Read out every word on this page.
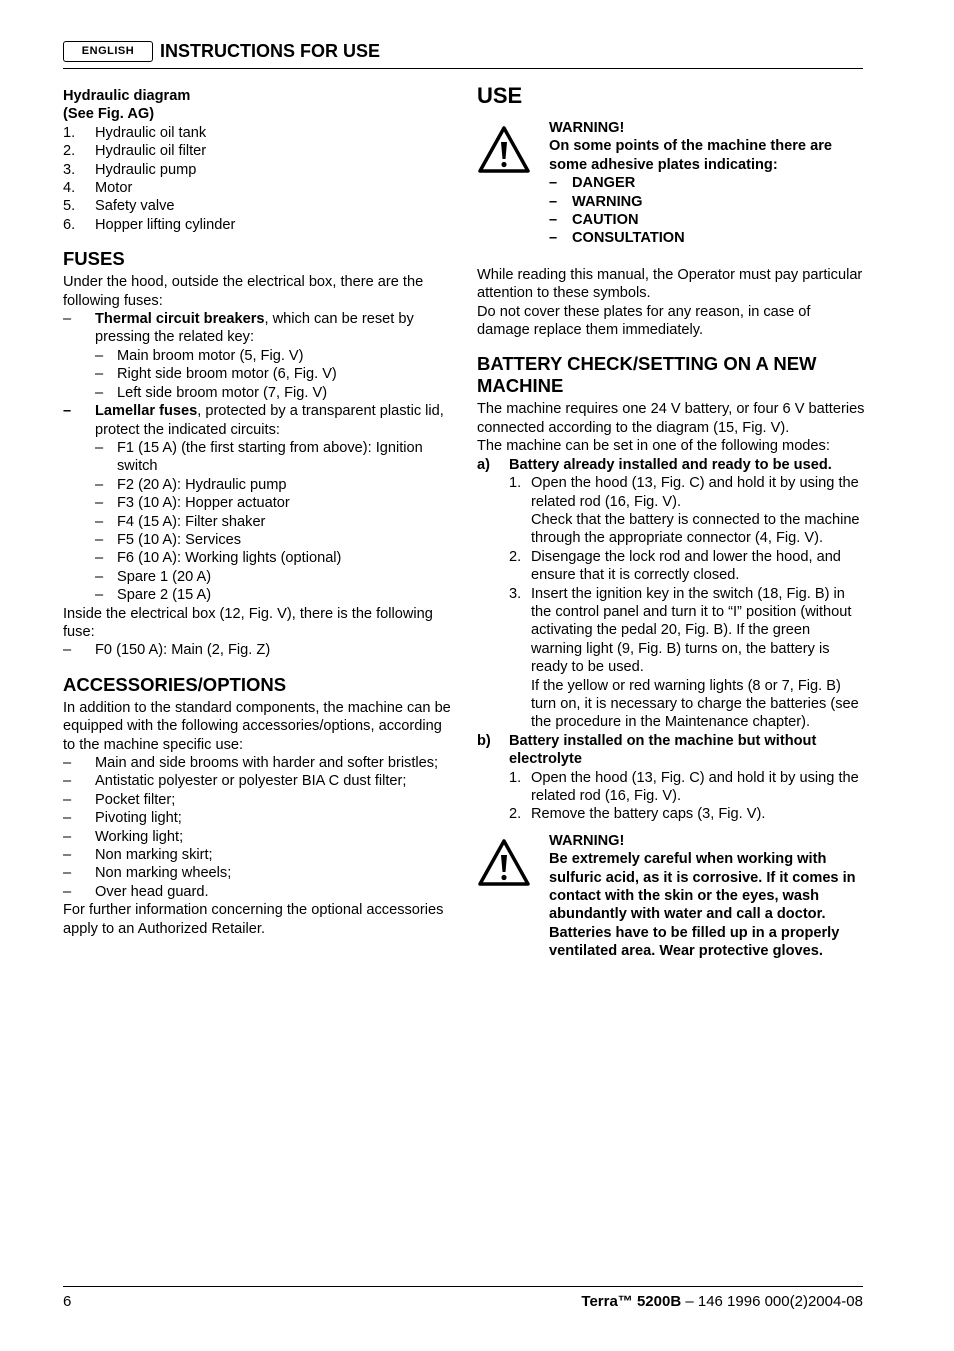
ENGLISH	INSTRUCTIONS FOR USE

Hydraulic diagram

(See Fig. AG)

1.	Hydraulic oil tank
2.	Hydraulic oil filter
3.	Hydraulic pump
4.	Motor
5.	Safety valve
6.	Hopper lifting cylinder
FUSES

Under the hood, outside the electrical box, there are the following fuses:

–	Thermal circuit breakers, which can be reset by pressing the related key:
– Main broom motor (5, Fig. V)
– Right side broom motor (6, Fig. V)
– Left side broom motor (7, Fig. V)
–	Lamellar fuses, protected by a transparent plastic lid, protect the indicated circuits:
– F1 (15 A) (the first starting from above): Ignition switch
– F2 (20 A): Hydraulic pump
– F3 (10 A): Hopper actuator
– F4 (15 A): Filter shaker
– F5 (10 A): Services
– F6 (10 A): Working lights (optional)
– Spare 1 (20 A)
– Spare 2 (15 A)

Inside the electrical box (12, Fig. V), there is the following fuse:

–	F0 (150 A): Main (2, Fig. Z)
ACCESSORIES/OPTIONS

In addition to the standard components, the machine can be equipped with the following accessories/options, according to the machine specific use:

–	Main and side brooms with harder and softer bristles;
–	Antistatic polyester or polyester BIA C dust filter;
–	Pocket filter;
–	Pivoting light;
–	Working light;
–	Non marking skirt;
–	Non marking wheels;
–	Over head guard.

For further information concerning the optional accessories apply to an Authorized Retailer.

USE

WARNING!

On some points of the machine there are some adhesive plates indicating:

–	DANGER
–	WARNING
–	CAUTION
–	CONSULTATION

While reading this manual, the Operator must pay particular attention to these symbols.

Do not cover these plates for any reason, in case of damage replace them immediately.

BATTERY CHECK/SETTING ON A NEW MACHINE

The machine requires one 24 V battery, or four 6 V batteries connected according to the diagram (15, Fig. V).

The machine can be set in one of the following modes:

a)	Battery already installed and ready to be used.
1. Open the hood (13, Fig. C) and hold it by using the related rod (16, Fig. V).
Check that the battery is connected to the machine through the appropriate connector (4, Fig. V).
2. Disengage the lock rod and lower the hood, and ensure that it is correctly closed.
3. Insert the ignition key in the switch (18, Fig. B) in the control panel and turn it to “I” position (without activating the pedal 20, Fig. B). If the green warning light (9, Fig. B) turns on, the battery is ready to be used.
If the yellow or red warning lights (8 or 7, Fig. B) turn on, it is necessary to charge the batteries (see the procedure in the Maintenance chapter).
b)	Battery installed on the machine but without electrolyte
1. Open the hood (13, Fig. C) and hold it by using the related rod (16, Fig. V).
2. Remove the battery caps (3, Fig. V).

WARNING!

Be extremely careful when working with sulfuric acid, as it is corrosive. If it comes in contact with the skin or the eyes, wash abundantly with water and call a doctor. Batteries have to be filled up in a properly ventilated area. Wear protective gloves.

6	Terra™ 5200B – 146 1996 000(2)2004-08
